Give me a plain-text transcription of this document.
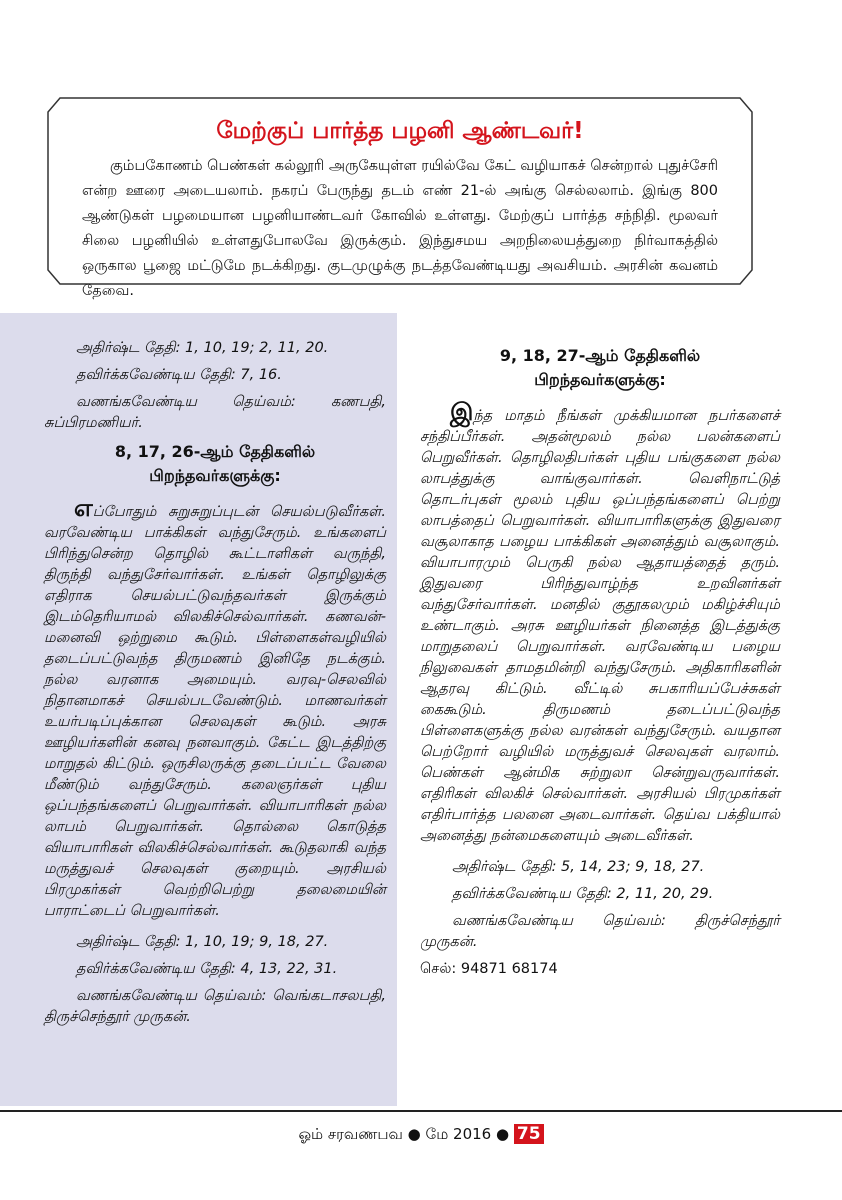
மேற்குப் பார்த்த பழனி ஆண்டவர்!
கும்பகோணம் பெண்கள் கல்லூரி அருகேயுள்ள ரயில்வே கேட் வழியாகச் சென்றால் புதுச்சேரி என்ற ஊரை அடையலாம். நகரப் பேருந்து தடம் எண் 21-ல் அங்கு செல்லலாம். இங்கு 800 ஆண்டுகள் பழமையான பழனியாண்டவர் கோவில் உள்ளது. மேற்குப் பார்த்த சந்நிதி. மூலவர் சிலை பழனியில் உள்ளதுபோலவே இருக்கும். இந்துசமய அறநிலையத்துறை நிர்வாகத்தில் ஒருகால பூஜை மட்டுமே நடக்கிறது. குடமுழுக்கு நடத்தவேண்டியது அவசியம். அரசின் கவனம் தேவை.

அதிர்ஷ்ட தேதி: 1, 10, 19; 2, 11, 20.

தவிர்க்கவேண்டிய தேதி: 7, 16.

வணங்கவேண்டிய தெய்வம்: கணபதி, சுப்பிரமணியர்.

8, 17, 26-ஆம் தேதிகளில்
பிறந்தவர்களுக்கு:

எப்போதும் சுறுசுறுப்புடன் செயல்படுவீர்கள். வரவேண்டிய பாக்கிகள் வந்துசேரும். உங்களைப் பிரிந்துசென்ற தொழில் கூட்டாளிகள் வருந்தி, திருந்தி வந்துசேர்வார்கள். உங்கள் தொழிலுக்கு எதிராக செயல்பட்டுவந்தவர்கள் இருக்கும் இடம்தெரியாமல் விலகிச்செல்வார்கள். கணவன்- மனைவி ஒற்றுமை கூடும். பிள்ளைகள்வழியில் தடைப்பட்டுவந்த திருமணம் இனிதே நடக்கும். நல்ல வரனாக அமையும். வரவு-செலவில் நிதானமாகச் செயல்படவேண்டும். மாணவர்கள் உயர்படிப்புக்கான செலவுகள் கூடும். அரசு ஊழியர்களின் கனவு நனவாகும். கேட்ட இடத்திற்கு மாறுதல் கிட்டும். ஒருசிலருக்கு தடைப்பட்ட வேலை மீண்டும் வந்துசேரும். கலைஞர்கள் புதிய ஒப்பந்தங்களைப் பெறுவார்கள். வியாபாரிகள் நல்ல லாபம் பெறுவார்கள். தொல்லை கொடுத்த வியாபாரிகள் விலகிச்செல்வார்கள். கூடுதலாகி வந்த மருத்துவச் செலவுகள் குறையும். அரசியல் பிரமுகர்கள் வெற்றிபெற்று தலைமையின் பாராட்டைப் பெறுவார்கள்.

அதிர்ஷ்ட தேதி: 1, 10, 19; 9, 18, 27.

தவிர்க்கவேண்டிய தேதி: 4, 13, 22, 31.

வணங்கவேண்டிய தெய்வம்: வெங்கடாசலபதி, திருச்செந்தூர் முருகன்.

9, 18, 27-ஆம் தேதிகளில்
பிறந்தவர்களுக்கு:

இந்த மாதம் நீங்கள் முக்கியமான நபர்களைச் சந்திப்பீர்கள். அதன்மூலம் நல்ல பலன்களைப் பெறுவீர்கள். தொழிலதிபர்கள் புதிய பங்குகளை நல்ல லாபத்துக்கு வாங்குவார்கள். வெளிநாட்டுத் தொடர்புகள் மூலம் புதிய ஒப்பந்தங்களைப் பெற்று லாபத்தைப் பெறுவார்கள். வியாபாரிகளுக்கு இதுவரை வசூலாகாத பழைய பாக்கிகள் அனைத்தும் வசூலாகும். வியாபாரமும் பெருகி நல்ல ஆதாயத்தைத் தரும். இதுவரை பிரிந்துவாழ்ந்த உறவினர்கள் வந்துசேர்வார்கள். மனதில் குதூகலமும் மகிழ்ச்சியும் உண்டாகும். அரசு ஊழியர்கள் நினைத்த இடத்துக்கு மாறுதலைப் பெறுவார்கள். வரவேண்டிய பழைய நிலுவைகள் தாமதமின்றி வந்துசேரும். அதிகாரிகளின் ஆதரவு கிட்டும். வீட்டில் சுபகாரியப்பேச்சுகள் கைகூடும். திருமணம் தடைப்பட்டுவந்த பிள்ளைகளுக்கு நல்ல வரன்கள் வந்துசேரும். வயதான பெற்றோர் வழியில் மருத்துவச் செலவுகள் வரலாம். பெண்கள் ஆன்மிக சுற்றுலா சென்றுவருவார்கள். எதிரிகள் விலகிச் செல்வார்கள். அரசியல் பிரமுகர்கள் எதிர்பார்த்த பலனை அடைவார்கள். தெய்வ பக்தியால் அனைத்து நன்மைகளையும் அடைவீர்கள்.

அதிர்ஷ்ட தேதி: 5, 14, 23; 9, 18, 27.

தவிர்க்கவேண்டிய தேதி: 2, 11, 20, 29.

வணங்கவேண்டிய தெய்வம்: திருச்செந்தூர் முருகன்.

செல்: 94871 68174

ஓம் சரவணபவ ● மே 2016 ● 75
